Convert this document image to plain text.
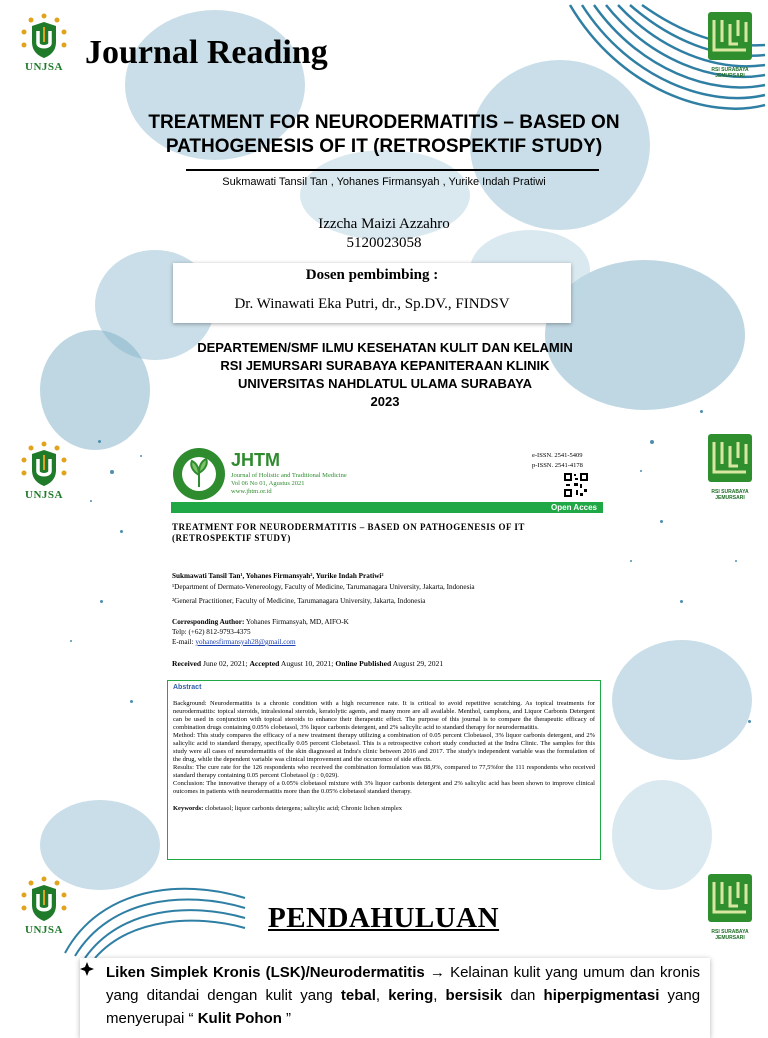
UNJSA
UNJSA
UNJSA
RSI SURABAYA
JEMURSARI
RSI SURABAYA
JEMURSARI
RSI SURABAYA
JEMURSARI
Journal Reading
TREATMENT FOR NEURODERMATITIS – BASED ON
PATHOGENESIS OF IT (RETROSPEKTIF STUDY)
Sukmawati Tansil Tan , Yohanes Firmansyah , Yurike Indah Pratiwi
Izzcha Maizi Azzahro
5120023058
Dosen pembimbing :
Dr. Winawati Eka Putri, dr., Sp.DV., FINDSV
DEPARTEMEN/SMF ILMU KESEHATAN KULIT DAN KELAMIN
RSI JEMURSARI SURABAYA KEPANITERAAN KLINIK
UNIVERSITAS NAHDLATUL ULAMA SURABAYA
2023
JHTM
Journal of Holistic and Traditional Medicine
Vol 06 No 01, Agustus 2021
www.jhtm.or.id
e-ISSN. 2541-5409
p-ISSN. 2541-4178
Open Acces
TREATMENT FOR NEURODERMATITIS – BASED ON PATHOGENESIS OF IT
(RETROSPEKTIF STUDY)
Sukmawati Tansil Tan¹, Yohanes Firmansyah², Yurike Indah Pratiwi²
¹Department of Dermato-Venereology, Faculty of Medicine, Tarumanagara University, Jakarta, Indonesia
²General Practitioner, Faculty of Medicine, Tarumanagara University, Jakarta, Indonesia
Corresponding Author: Yohanes Firmansyah, MD, AIFO-K
Telp: (+62) 812-9793-4375
E-mail: yohanesfirmansyah28@gmail.com
Received June 02, 2021; Accepted August 10, 2021; Online Published August 29, 2021
Abstract
Background: Neurodermatitis is a chronic condition with a high recurrence rate. It is critical to avoid repetitive scratching. As topical treatments for neurodermatitis: topical steroids, intralesional steroids, keratolytic agents, and many more are all available. Menthol, camphora, and Liquor Carbonis Detergent can be used in conjunction with topical steroids to enhance their therapeutic effect. The purpose of this journal is to compare the therapeutic efficacy of combination drugs containing 0.05% clobetasol, 3% liquor carbonis detergent, and 2% salicylic acid to standard therapy for neurodermatitis.
Method: This study compares the efficacy of a new treatment therapy utilizing a combination of 0.05 percent Clobetasol, 3% liquor carbonis detergent, and 2% salicylic acid to standard therapy, specifically 0.05 percent Clobetasol. This is a retrospective cohort study conducted at the Indra Clinic. The samples for this study were all cases of neurodermatitis of the skin diagnosed at Indra's clinic between 2016 and 2017. The study's independent variable was the formulation of the drug, while the dependent variable was clinical improvement and the occurrence of side effects.
Results: The cure rate for the 126 respondents who received the combination formulation was 88,9%, compared to 77,5%for the 111 respondents who received standard therapy containing 0.05 percent Clobetasol (p : 0,029).
Conclusion: The innovative therapy of a 0.05% clobetasol mixture with 3% liquor carbonis detergent and 2% salicylic acid has been shown to improve clinical outcomes in patients with neurodermatitis more than the 0.05% clobetasol standard therapy.
Keywords: clobetasol; liquor carbonis detergens; salicylic acid; Chronic lichen simplex
PENDAHULUAN
Liken Simplek Kronis (LSK)/Neurodermatitis → Kelainan kulit yang umum dan kronis yang ditandai dengan kulit yang tebal, kering, bersisik dan hiperpigmentasi yang menyerupai “ Kulit Pohon ”
